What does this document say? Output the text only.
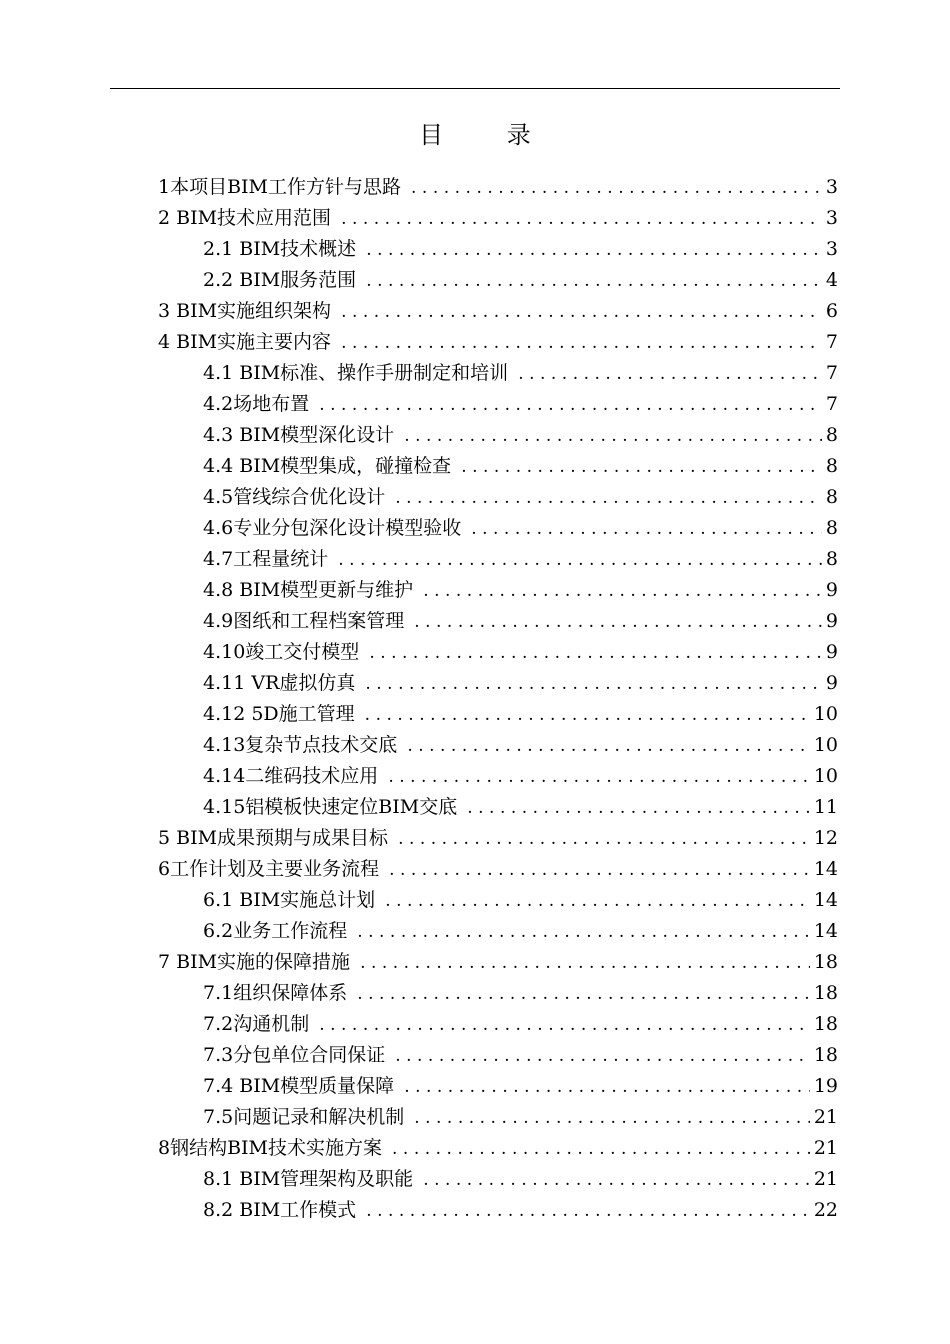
目 录
1本项目BIM工作方针与思路 .....	3
2 BIM技术应用范围 .....	3
2.1 BIM技术概述 .....	3
2.2 BIM服务范围 .....	4
3 BIM实施组织架构 .....	6
4 BIM实施主要内容 .....	7
4.1 BIM标准、操作手册制定和培训 .....	7
4.2场地布置 .....	7
4.3 BIM模型深化设计 .....	8
4.4 BIM模型集成，碰撞检查 .....	8
4.5管线综合优化设计 .....	8
4.6专业分包深化设计模型验收 .....	8
4.7工程量统计 .....	8
4.8 BIM模型更新与维护 .....	9
4.9图纸和工程档案管理 .....	9
4.10竣工交付模型 .....	9
4.11 VR虚拟仿真 .....	9
4.12 5D施工管理 .....	10
4.13复杂节点技术交底 .....	10
4.14二维码技术应用 .....	10
4.15铝模板快速定位BIM交底 .....	11
5 BIM成果预期与成果目标 .....	12
6工作计划及主要业务流程 .....	14
6.1 BIM实施总计划 .....	14
6.2业务工作流程 .....	14
7 BIM实施的保障措施 .....	18
7.1组织保障体系 .....	18
7.2沟通机制 .....	18
7.3分包单位合同保证 .....	18
7.4 BIM模型质量保障 .....	19
7.5问题记录和解决机制 .....	21
8钢结构BIM技术实施方案 .....	21
8.1 BIM管理架构及职能 .....	21
8.2 BIM工作模式 .....	22
